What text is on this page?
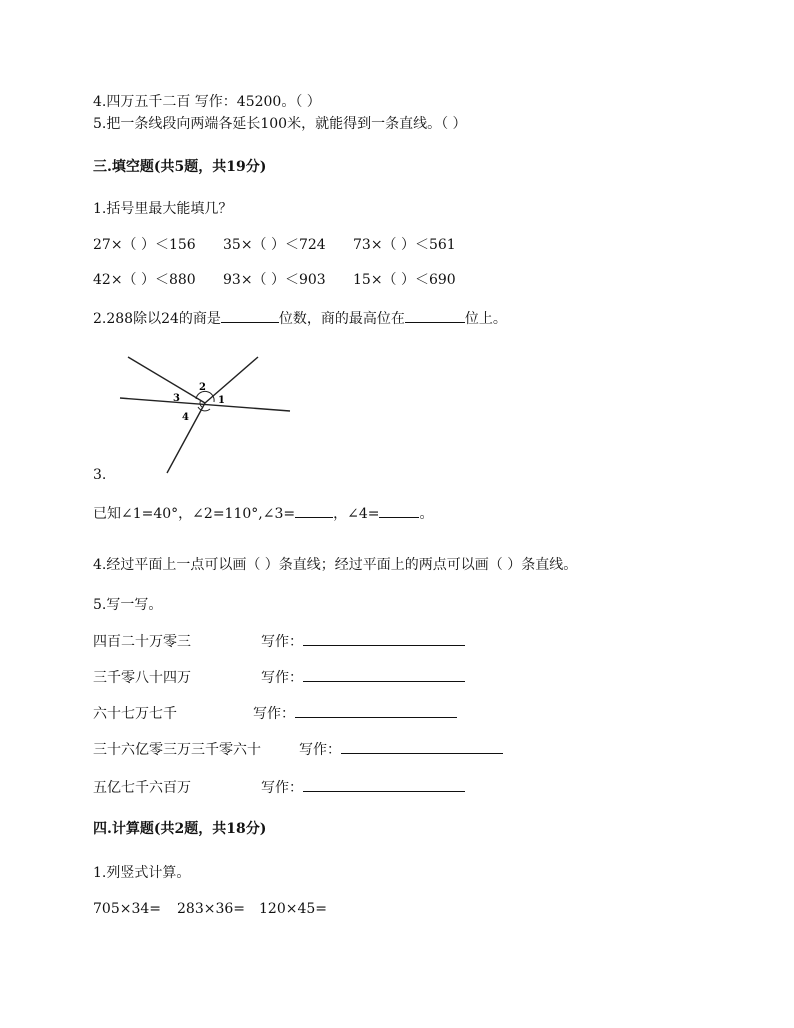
4.四万五千二百 写作：45200。（ ）
5.把一条线段向两端各延长100米，就能得到一条直线。（ ）
三.填空题(共5题，共19分)
1.括号里最大能填几？
27×（ ）＜156 35×（ ）＜724 73×（ ）＜561
42×（ ）＜880 93×（ ）＜903 15×（ ）＜690
2.288除以24的商是	位数，商的最高位在	位上。
2
1
3
4
3.
已知∠1=40°，∠2=110°,∠3=	，∠4=	。
4.经过平面上一点可以画（ ）条直线；经过平面上的两点可以画（ ）条直线。
5.写一写。
四百二十万零三	写作：
三千零八十四万	写作：
六十七万七千	写作：
三十六亿零三万三千零六十	写作：
五亿七千六百万	写作：
四.计算题(共2题，共18分)
1.列竖式计算。
705×34= 283×36= 120×45=
